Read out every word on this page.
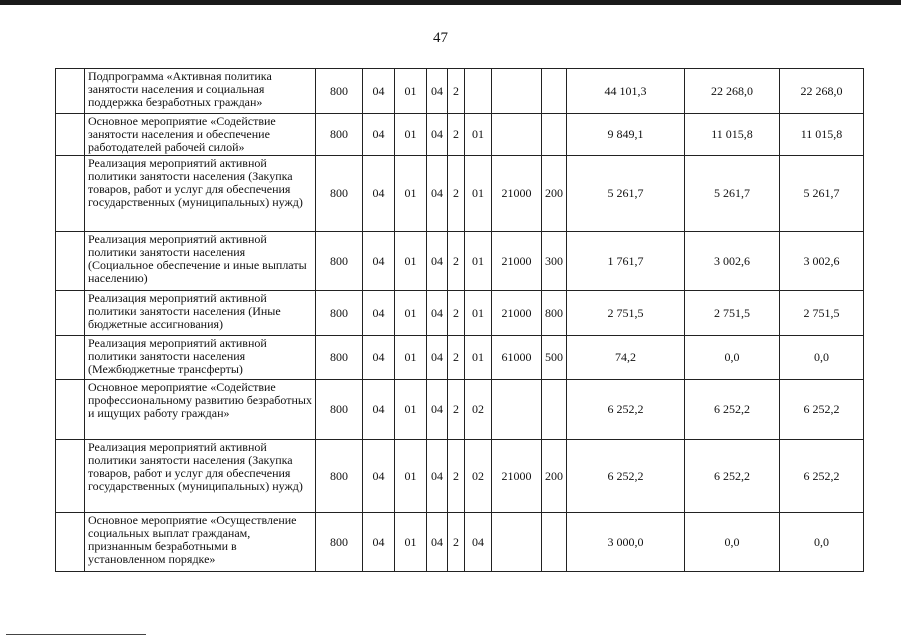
47
	Подпрограмма «Активная политика занятости населения и социальная поддержка безработных граждан»	800	04	01	04	2				44 101,3	22 268,0	22 268,0
	Основное мероприятие «Содействие занятости населения и обеспечение работодателей рабочей силой»	800	04	01	04	2	01			9 849,1	11 015,8	11 015,8
	Реализация мероприятий активной политики занятости населения (Закупка товаров, работ и услуг для обеспечения государственных (муниципальных) нужд)	800	04	01	04	2	01	21000	200	5 261,7	5 261,7	5 261,7
	Реализация мероприятий активной политики занятости населения (Социальное обеспечение и иные выплаты населению)	800	04	01	04	2	01	21000	300	1 761,7	3 002,6	3 002,6
	Реализация мероприятий активной политики занятости населения (Иные бюджетные ассигнования)	800	04	01	04	2	01	21000	800	2 751,5	2 751,5	2 751,5
	Реализация мероприятий активной политики занятости населения (Межбюджетные трансферты)	800	04	01	04	2	01	61000	500	74,2	0,0	0,0
	Основное мероприятие «Содействие профессиональному развитию безработных и ищущих работу граждан»	800	04	01	04	2	02			6 252,2	6 252,2	6 252,2
	Реализация мероприятий активной политики занятости населения (Закупка товаров, работ и услуг для обеспечения государственных (муниципальных) нужд)	800	04	01	04	2	02	21000	200	6 252,2	6 252,2	6 252,2
	Основное мероприятие «Осуществление социальных выплат гражданам, признанным безработными в установленном порядке»	800	04	01	04	2	04			3 000,0	0,0	0,0
